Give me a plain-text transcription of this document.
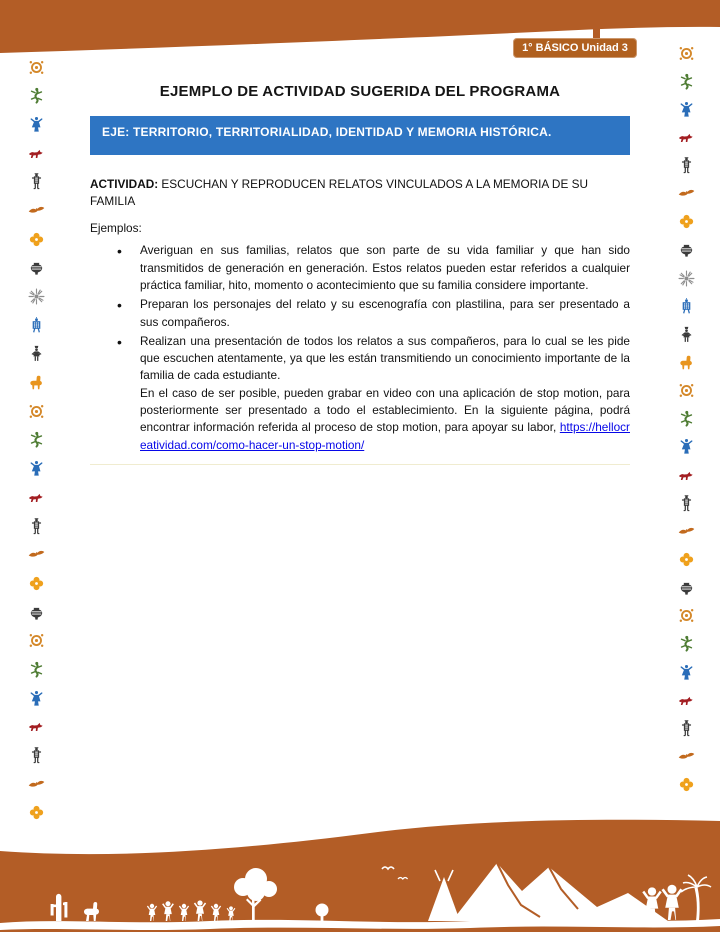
1° BÁSICO Unidad 3
EJEMPLO DE ACTIVIDAD SUGERIDA DEL PROGRAMA
EJE: TERRITORIO, TERRITORIALIDAD, IDENTIDAD Y MEMORIA HISTÓRICA.

ACTIVIDAD: ESCUCHAN Y REPRODUCEN RELATOS VINCULADOS A LA MEMORIA DE SU FAMILIA

Ejemplos:

• Averiguan en sus familias, relatos que son parte de su vida familiar y que han sido transmitidos de generación en generación. Estos relatos pueden estar referidos a cualquier práctica familiar, hito, momento o acontecimiento que su familia considere importante.
• Preparan los personajes del relato y su escenografía con plastilina, para ser presentado a sus compañeros.
• Realizan una presentación de todos los relatos a sus compañeros, para lo cual se les pide que escuchen atentamente, ya que les están transmitiendo un conocimiento importante de la familia de cada estudiante.
En el caso de ser posible, pueden grabar en video con una aplicación de stop motion, para posteriormente ser presentado a todo el establecimiento. En la siguiente página, podrá encontrar información referida al proceso de stop motion, para apoyar su labor, https://hellocreatividad.com/como-hacer-un-stop-motion/
